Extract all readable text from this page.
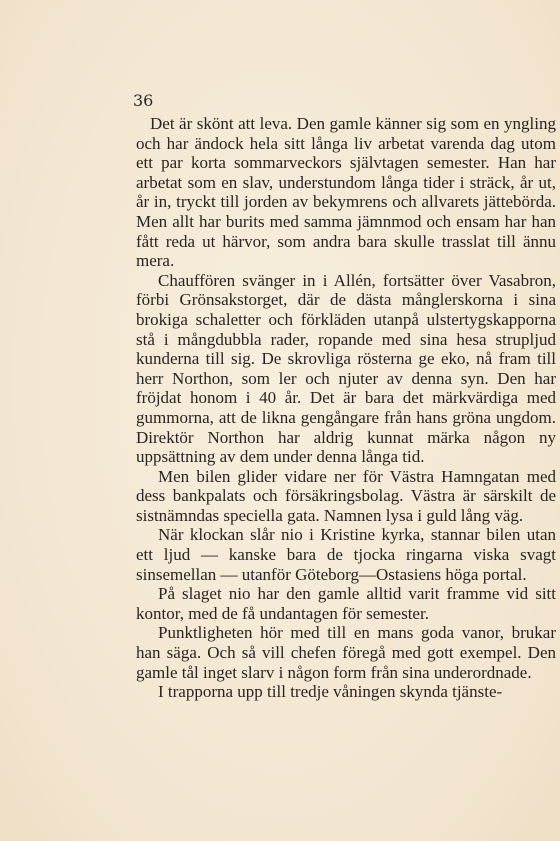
36

Det är skönt att leva. Den gamle känner sig som en yngling och har ändock hela sitt långa liv arbetat varenda dag utom ett par korta sommarveckors självtagen semester. Han har arbetat som en slav, understundom långa tider i sträck, år ut, år in, tryckt till jorden av bekymrens och allvarets jättebörda. Men allt har burits med samma jämnmod och ensam har han fått reda ut härvor, som andra bara skulle trasslat till ännu mera.

Chauffören svänger in i Allén, fortsätter över Vasabron, förbi Grönsakstorget, där de dästa månglerskorna i sina brokiga schaletter och förkläden utanpå ulstertygskapporna stå i mångdubbla rader, ropande med sina hesa strupljud kunderna till sig. De skrovliga rösterna ge eko, nå fram till herr Northon, som ler och njuter av denna syn. Den har fröjdat honom i 40 år. Det är bara det märkvärdiga med gummorna, att de likna gengångare från hans gröna ungdom. Direktör Northon har aldrig kunnat märka någon ny uppsättning av dem under denna långa tid.

Men bilen glider vidare ner för Västra Hamngatan med dess bankpalats och försäkringsbolag. Västra är särskilt de sistnämndas speciella gata. Namnen lysa i guld lång väg.

När klockan slår nio i Kristine kyrka, stannar bilen utan ett ljud — kanske bara de tjocka ringarna viska svagt sinsemellan — utanför Göteborg—Ostasiens höga portal.

På slaget nio har den gamle alltid varit framme vid sitt kontor, med de få undantagen för semester.

Punktligheten hör med till en mans goda vanor, brukar han säga. Och så vill chefen föregå med gott exempel. Den gamle tål inget slarv i någon form från sina underordnade.

I trapporna upp till tredje våningen skynda tjänste-
